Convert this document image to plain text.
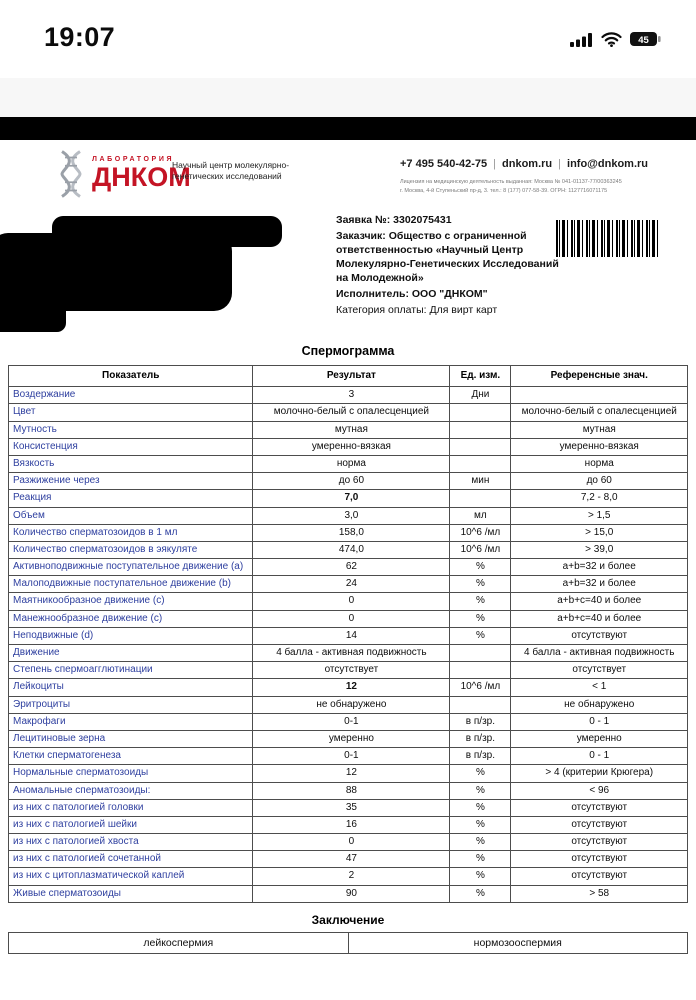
19:07	45
ЛАБОРАТОРИЯ
ДНКОМ
Научный центр молекулярно-генетических исследований
+7 495 540-42-75 | dnkom.ru | info@dnkom.ru
Лицензия на медицинскую деятельность выданная: Москва № 041-01137-77/00363245
г. Москва, 4-й Ступеньский пр-д, 3. тел.: 8 (177) 077-58-39. ОГРН: 1127716071175

Заявка №: 3302075431

Заказчик: Общество с ограниченной ответственностью «Научный Центр Молекулярно-Генетических Исследований на Молодежной»

Исполнитель: ООО "ДНКОМ"

Категория оплаты: Для вирт карт

Спермограмма
Показатель	Результат	Ед. изм.	Референсные знач.
Воздержание	3	Дни	
Цвет	молочно-белый с опалесценцией		молочно-белый с опалесценцией
Мутность	мутная		мутная
Консистенция	умеренно-вязкая		умеренно-вязкая
Вязкость	норма		норма
Разжижение через	до 60	мин	до 60
Реакция	7,0		7,2 - 8,0
Объем	3,0	мл	> 1,5
Количество сперматозоидов в 1 мл	158,0	10^6 /мл	> 15,0
Количество сперматозоидов в эякуляте	474,0	10^6 /мл	> 39,0
Активноподвижные поступательное движение (a)	62	%	a+b=32 и более
Малоподвижные поступательное движение (b)	24	%	a+b=32 и более
Маятникообразное движение (c)	0	%	a+b+c=40 и более
Манежнообразное движение (c)	0	%	a+b+c=40 и более
Неподвижные (d)	14	%	отсутствуют
Движение	4 балла - активная подвижность		4 балла - активная подвижность
Степень спермоагглютинации	отсутствует		отсутствует
Лейкоциты	12	10^6 /мл	< 1
Эритроциты	не обнаружено		не обнаружено
Макрофаги	0-1	в п/зр.	0 - 1
Лецитиновые зерна	умеренно	в п/зр.	умеренно
Клетки сперматогенеза	0-1	в п/зр.	0 - 1
Нормальные сперматозоиды	12	%	> 4 (критерии Крюгера)
Аномальные сперматозоиды:	88	%	< 96
из них с патологией головки	35	%	отсутствуют
из них с патологией шейки	16	%	отсутствуют
из них с патологией хвоста	0	%	отсутствуют
из них с патологией сочетанной	47	%	отсутствуют
из них с цитоплазматической каплей	2	%	отсутствуют
Живые сперматозоиды	90	%	> 58
Заключение
лейкоспермия	нормозооспермия
